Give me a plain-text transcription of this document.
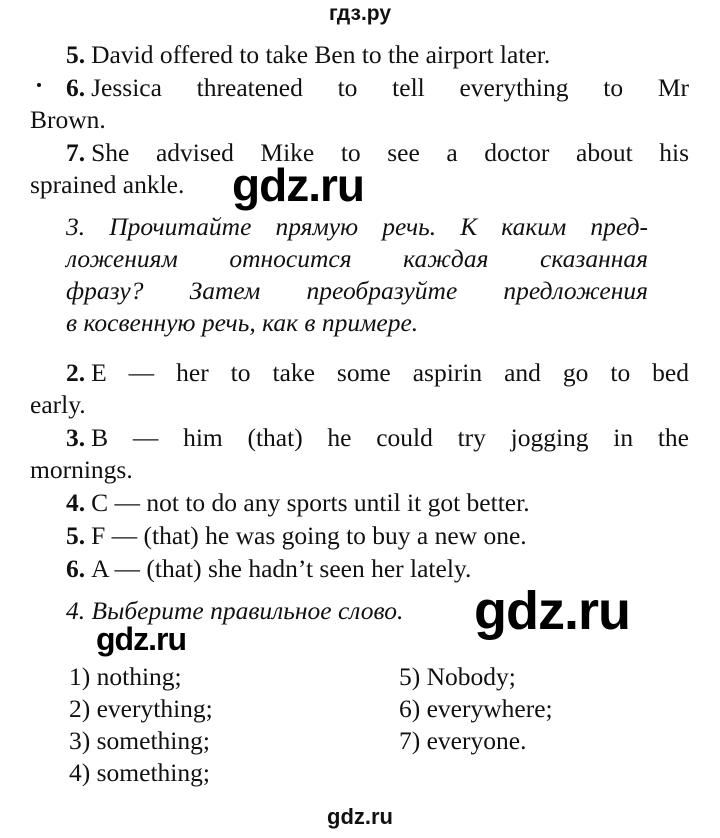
гдз.ру
5. David offered to take Ben to the airport later.
6. Jessica threatened to tell everything to Mr
Brown.
7. She advised Mike to see a doctor about his
sprained ankle. gdz.ru
3. Прочитайте прямую речь. К каким пред-
ложениям относится каждая сказанная
фразу? Затем преобразуйте предложения
в косвенную речь, как в примере.
2. E — her to take some aspirin and go to bed
early.
3. B — him (that) he could try jogging in the
mornings.
4. C — not to do any sports until it got better.
5. F — (that) he was going to buy a new one.
6. A — (that) she hadn’t seen her lately.
4. Выберите правильное слово. gdz.ru
gdz.ru
1) nothing;
2) everything;
3) something;
4) something;
5) Nobody;
6) everywhere;
7) everyone.
gdz.ru
